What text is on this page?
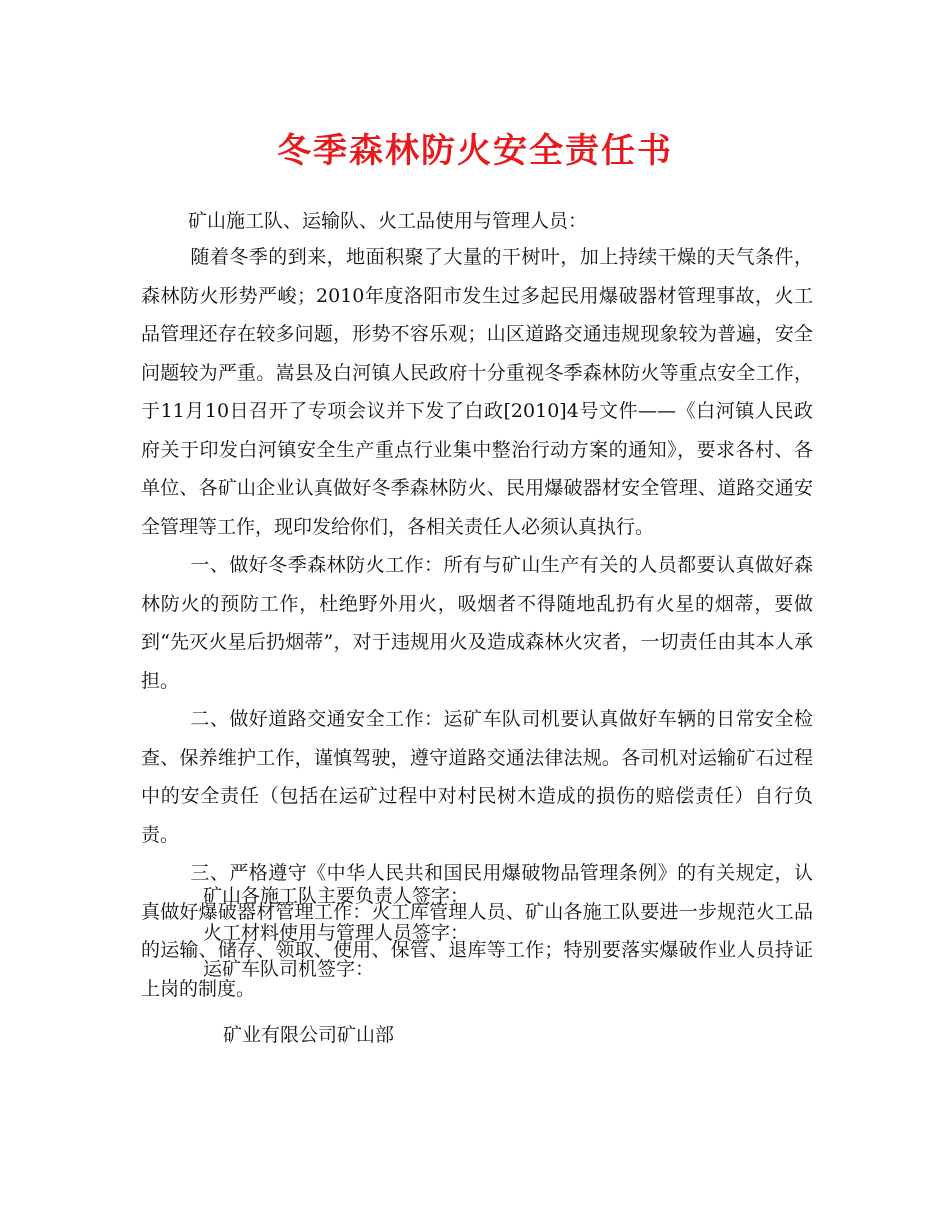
冬季森林防火安全责任书
矿山施工队、运输队、火工品使用与管理人员：

随着冬季的到来，地面积聚了大量的干树叶，加上持续干燥的天气条件，森林防火形势严峻；2010年度洛阳市发生过多起民用爆破器材管理事故，火工品管理还存在较多问题，形势不容乐观；山区道路交通违规现象较为普遍，安全问题较为严重。嵩县及白河镇人民政府十分重视冬季森林防火等重点安全工作，于11月10日召开了专项会议并下发了白政[2010]4号文件——《白河镇人民政府关于印发白河镇安全生产重点行业集中整治行动方案的通知》，要求各村、各单位、各矿山企业认真做好冬季森林防火、民用爆破器材安全管理、道路交通安全管理等工作，现印发给你们，各相关责任人必须认真执行。

一、做好冬季森林防火工作：所有与矿山生产有关的人员都要认真做好森林防火的预防工作，杜绝野外用火，吸烟者不得随地乱扔有火星的烟蒂，要做到“先灭火星后扔烟蒂”，对于违规用火及造成森林火灾者，一切责任由其本人承担。

二、做好道路交通安全工作：运矿车队司机要认真做好车辆的日常安全检查、保养维护工作，谨慎驾驶，遵守道路交通法律法规。各司机对运输矿石过程中的安全责任（包括在运矿过程中对村民树木造成的损伤的赔偿责任）自行负责。

三、严格遵守《中华人民共和国民用爆破物品管理条例》的有关规定，认真做好爆破器材管理工作：火工库管理人员、矿山各施工队要进一步规范火工品的运输、储存、领取、使用、保管、退库等工作；特别要落实爆破作业人员持证上岗的制度。

矿山各施工队主要负责人签字：
火工材料使用与管理人员签字：
运矿车队司机签字：
矿业有限公司矿山部
